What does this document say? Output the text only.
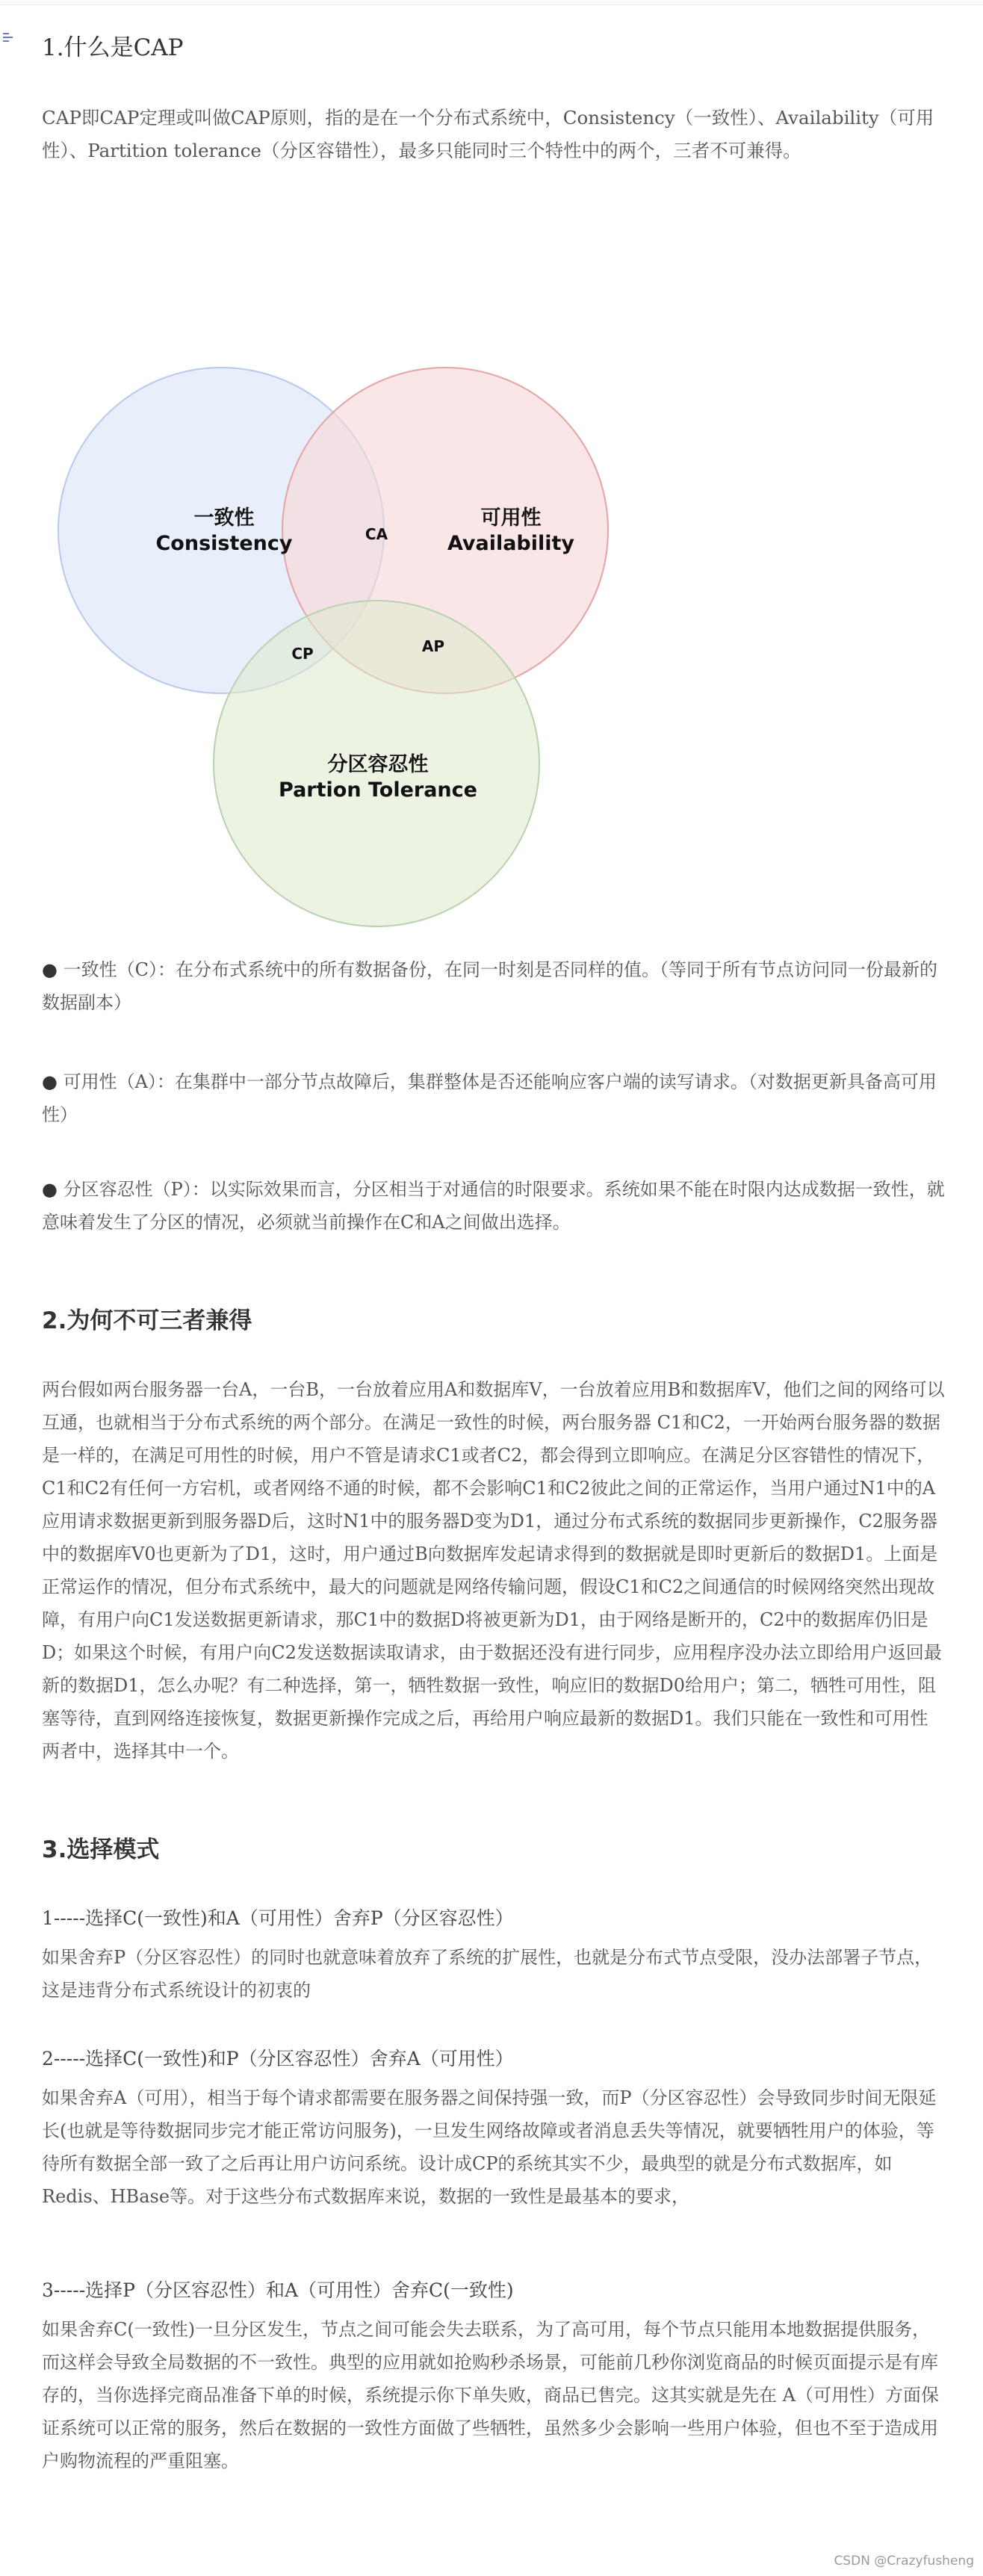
1.什么是CAP

CAP即CAP定理或叫做CAP原则，指的是在一个分布式系统中，Consistency（一致性）、Availability（可用性）、Partition tolerance（分区容错性），最多只能同时三个特性中的两个，三者不可兼得。

一致性
Consistency
可用性
Availability
分区容忍性
Partion Tolerance
CA
CP	AP

● 一致性（C）：在分布式系统中的所有数据备份，在同一时刻是否同样的值。（等同于所有节点访问同一份最新的数据副本）

● 可用性（A）：在集群中一部分节点故障后，集群整体是否还能响应客户端的读写请求。（对数据更新具备高可用性）

● 分区容忍性（P）：以实际效果而言，分区相当于对通信的时限要求。系统如果不能在时限内达成数据一致性，就意味着发生了分区的情况，必须就当前操作在C和A之间做出选择。

2.为何不可三者兼得

两台假如两台服务器一台A，一台B，一台放着应用A和数据库V，一台放着应用B和数据库V，他们之间的网络可以互通，也就相当于分布式系统的两个部分。在满足一致性的时候，两台服务器 C1和C2，一开始两台服务器的数据是一样的，在满足可用性的时候，用户不管是请求C1或者C2，都会得到立即响应。在满足分区容错性的情况下，C1和C2有任何一方宕机，或者网络不通的时候，都不会影响C1和C2彼此之间的正常运作，当用户通过N1中的A应用请求数据更新到服务器D后，这时N1中的服务器D变为D1，通过分布式系统的数据同步更新操作，C2服务器中的数据库V0也更新为了D1，这时，用户通过B向数据库发起请求得到的数据就是即时更新后的数据D1。上面是正常运作的情况，但分布式系统中，最大的问题就是网络传输问题，假设C1和C2之间通信的时候网络突然出现故障，有用户向C1发送数据更新请求，那C1中的数据D将被更新为D1，由于网络是断开的，C2中的数据库仍旧是D；如果这个时候，有用户向C2发送数据读取请求，由于数据还没有进行同步，应用程序没办法立即给用户返回最新的数据D1，怎么办呢？有二种选择，第一，牺牲数据一致性，响应旧的数据D0给用户；第二，牺牲可用性，阻塞等待，直到网络连接恢复，数据更新操作完成之后，再给用户响应最新的数据D1。我们只能在一致性和可用性两者中，选择其中一个。

3.选择模式
1-----选择C(一致性)和A（可用性）舍弃P（分区容忍性）

如果舍弃P（分区容忍性）的同时也就意味着放弃了系统的扩展性，也就是分布式节点受限，没办法部署子节点，这是违背分布式系统设计的初衷的

2-----选择C(一致性)和P（分区容忍性）舍弃A（可用性）

如果舍弃A（可用），相当于每个请求都需要在服务器之间保持强一致，而P（分区容忍性）会导致同步时间无限延长(也就是等待数据同步完才能正常访问服务)，一旦发生网络故障或者消息丢失等情况，就要牺牲用户的体验，等待所有数据全部一致了之后再让用户访问系统。设计成CP的系统其实不少，最典型的就是分布式数据库，如Redis、HBase等。对于这些分布式数据库来说，数据的一致性是最基本的要求，

3-----选择P（分区容忍性）和A（可用性）舍弃C(一致性)

如果舍弃C(一致性)一旦分区发生，节点之间可能会失去联系，为了高可用，每个节点只能用本地数据提供服务，而这样会导致全局数据的不一致性。典型的应用就如抢购秒杀场景，可能前几秒你浏览商品的时候页面提示是有库存的，当你选择完商品准备下单的时候，系统提示你下单失败，商品已售完。这其实就是先在 A（可用性）方面保证系统可以正常的服务，然后在数据的一致性方面做了些牺牲，虽然多少会影响一些用户体验，但也不至于造成用户购物流程的严重阻塞。

CSDN @Crazyfusheng
